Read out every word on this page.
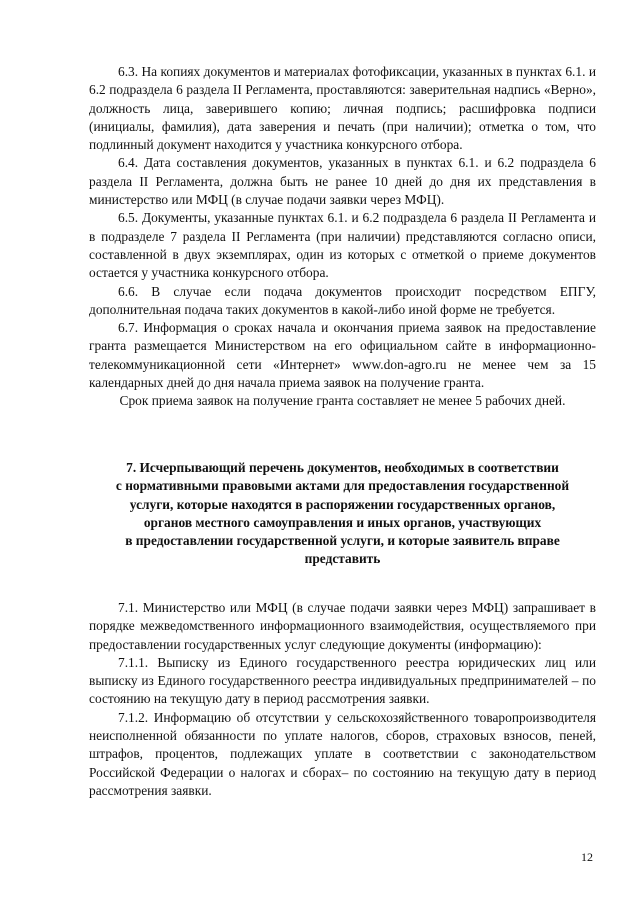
6.3. На копиях документов и материалах фотофиксации, указанных в пунктах 6.1. и 6.2 подраздела 6 раздела II Регламента, проставляются: заверительная надпись «Верно», должность лица, заверившего копию; личная подпись; расшифровка подписи (инициалы, фамилия), дата заверения и печать (при наличии); отметка о том, что подлинный документ находится у участника конкурсного отбора.

6.4. Дата составления документов, указанных в пунктах 6.1. и 6.2 подраздела 6 раздела II Регламента, должна быть не ранее 10 дней до дня их представления в министерство или МФЦ (в случае подачи заявки через МФЦ).

6.5. Документы, указанные пунктах 6.1. и 6.2 подраздела 6 раздела II Регламента и в подразделе 7 раздела II Регламента (при наличии) представляются согласно описи, составленной в двух экземплярах, один из которых с отметкой о приеме документов остается у участника конкурсного отбора.

6.6. В случае если подача документов происходит посредством ЕПГУ, дополнительная подача таких документов в какой-либо иной форме не требуется.

6.7. Информация о сроках начала и окончания приема заявок на предоставление гранта размещается Министерством на его официальном сайте в информационно-телекоммуникационной сети «Интернет» www.don-agro.ru не менее чем за 15 календарных дней до дня начала приема заявок на получение гранта.

Срок приема заявок на получение гранта составляет не менее 5 рабочих дней.

7. Исчерпывающий перечень документов, необходимых в соответствии
с нормативными правовыми актами для предоставления государственной
услуги, которые находятся в распоряжении государственных органов,
органов местного самоуправления и иных органов, участвующих
в предоставлении государственной услуги, и которые заявитель вправе
представить

7.1. Министерство или МФЦ (в случае подачи заявки через МФЦ) запрашивает в порядке межведомственного информационного взаимодействия, осуществляемого при предоставлении государственных услуг следующие документы (информацию):

7.1.1. Выписку из Единого государственного реестра юридических лиц или выписку из Единого государственного реестра индивидуальных предпринимателей – по состоянию на текущую дату в период рассмотрения заявки.

7.1.2. Информацию об отсутствии у сельскохозяйственного товаропроизводителя неисполненной обязанности по уплате налогов, сборов, страховых взносов, пеней, штрафов, процентов, подлежащих уплате в соответствии с законодательством Российской Федерации о налогах и сборах– по состоянию на текущую дату в период рассмотрения заявки.

12
